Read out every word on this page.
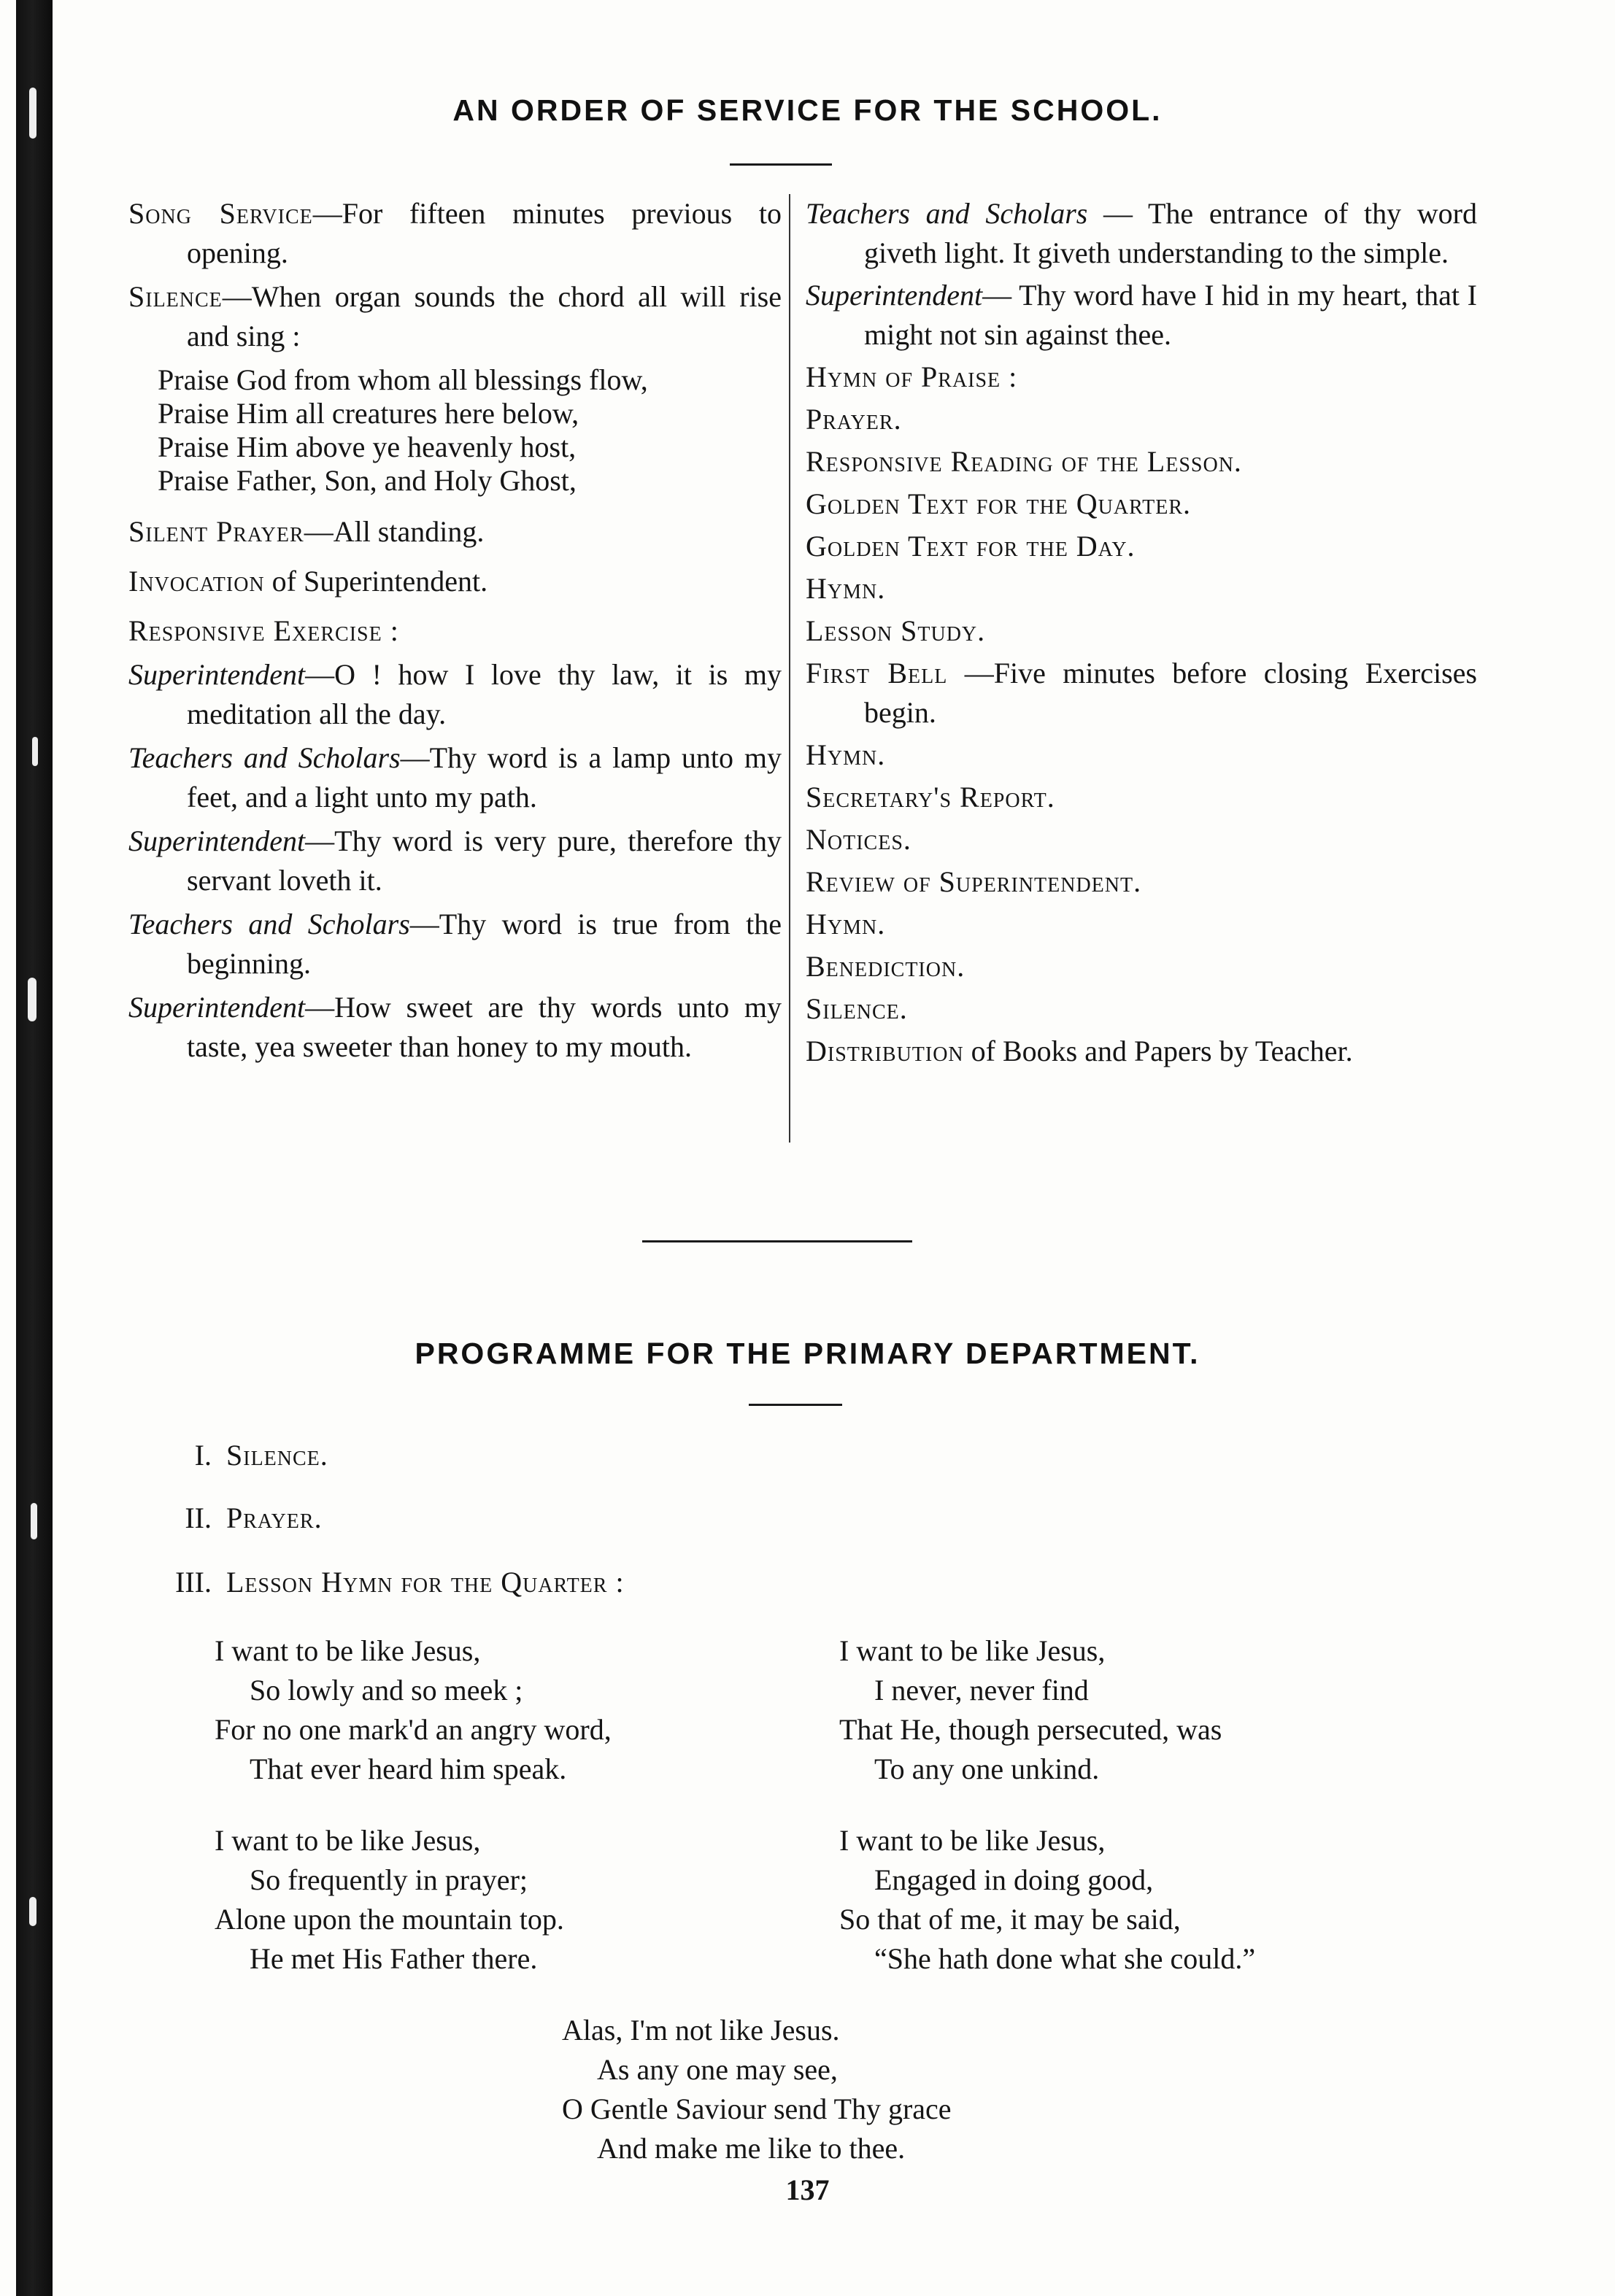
AN ORDER OF SERVICE FOR THE SCHOOL.

Song Service—For fifteen minutes previous to opening.

Silence—When organ sounds the chord all will rise and sing :

Praise God from whom all blessings flow,
Praise Him all creatures here below,
Praise Him above ye heavenly host,
Praise Father, Son, and Holy Ghost,

Silent Prayer—All standing.

Invocation of Superintendent.

Responsive Exercise :

Superintendent—O ! how I love thy law, it is my meditation all the day.

Teachers and Scholars—Thy word is a lamp unto my feet, and a light unto my path.

Superintendent—Thy word is very pure, therefore thy servant loveth it.

Teachers and Scholars—Thy word is true from the beginning.

Superintendent—How sweet are thy words unto my taste, yea sweeter than honey to my mouth.

Teachers and Scholars — The entrance of thy word giveth light. It giveth understanding to the simple.

Superintendent— Thy word have I hid in my heart, that I might not sin against thee.

Hymn of Praise :

Prayer.

Responsive Reading of the Lesson.

Golden Text for the Quarter.

Golden Text for the Day.

Hymn.

Lesson Study.

First Bell —Five minutes before closing Exercises begin.

Hymn.

Secretary's Report.

Notices.

Review of Superintendent.

Hymn.

Benediction.

Silence.

Distribution of Books and Papers by Teacher.

PROGRAMME FOR THE PRIMARY DEPARTMENT.
I. Silence.
II. Prayer.
III. Lesson Hymn for the Quarter :
I want to be like Jesus,
So lowly and so meek ;
For no one mark'd an angry word,
That ever heard him speak.
I want to be like Jesus,
I never, never find
That He, though persecuted, was
To any one unkind.
I want to be like Jesus,
So frequently in prayer;
Alone upon the mountain top.
He met His Father there.
I want to be like Jesus,
Engaged in doing good,
So that of me, it may be said,
“She hath done what she could.”
Alas, I'm not like Jesus.
As any one may see,
O Gentle Saviour send Thy grace
And make me like to thee.
137
